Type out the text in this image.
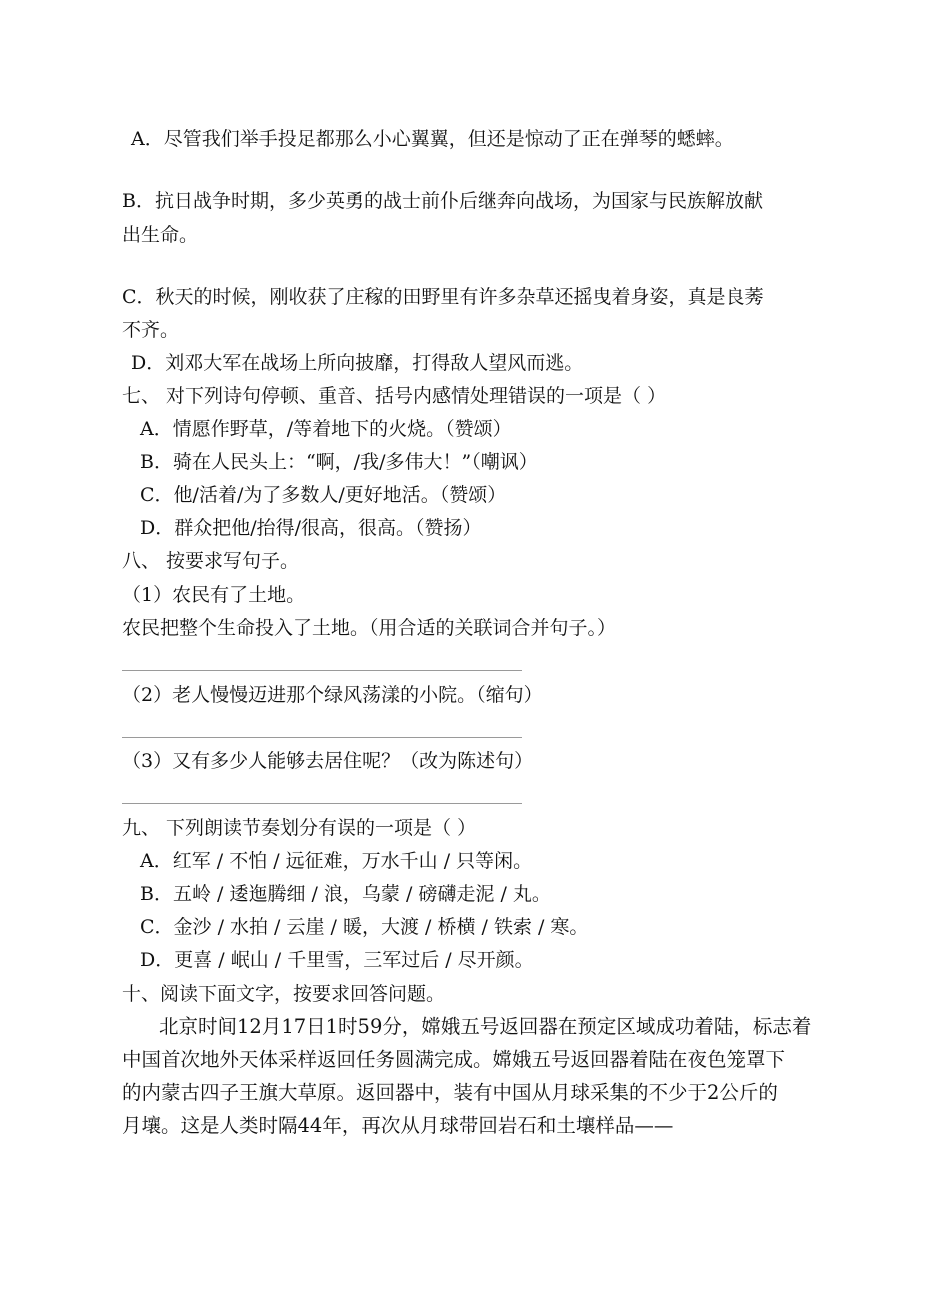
A．尽管我们举手投足都那么小心翼翼，但还是惊动了正在弹琴的蟋蟀。
B．抗日战争时期，多少英勇的战士前仆后继奔向战场，为国家与民族解放献
出生命。
C．秋天的时候，刚收获了庄稼的田野里有许多杂草还摇曳着身姿，真是良莠
不齐。
D．刘邓大军在战场上所向披靡，打得敌人望风而逃。
七、 对下列诗句停顿、重音、括号内感情处理错误的一项是（ ）
A．情愿作野草，/等着地下的火烧。（赞颂）
B．骑在人民头上：“啊，/我/多伟大！”（嘲讽）
C．他/活着/为了多数人/更好地活。（赞颂）
D．群众把他/抬得/很高，很高。（赞扬）
八、 按要求写句子。
（1）农民有了土地。
农民把整个生命投入了土地。（用合适的关联词合并句子。）
（2）老人慢慢迈进那个绿风荡漾的小院。（缩句）
（3）又有多少人能够去居住呢？（改为陈述句）
九、 下列朗读节奏划分有误的一项是（ ）
A．红军 / 不怕 / 远征难，万水千山 / 只等闲。
B．五岭 / 逶迤腾细 / 浪，乌蒙 / 磅礴走泥 / 丸。
C．金沙 / 水拍 / 云崖 / 暖，大渡 / 桥横 / 铁索 / 寒。
D．更喜 / 岷山 / 千里雪，三军过后 / 尽开颜。
十、阅读下面文字，按要求回答问题。
北京时间12月17日1时59分，嫦娥五号返回器在预定区域成功着陆，标志着
中国首次地外天体采样返回任务圆满完成。嫦娥五号返回器着陆在夜色笼罩下
的内蒙古四子王旗大草原。返回器中，装有中国从月球采集的不少于2公斤的
月壤。这是人类时隔44年，再次从月球带回岩石和土壤样品——
